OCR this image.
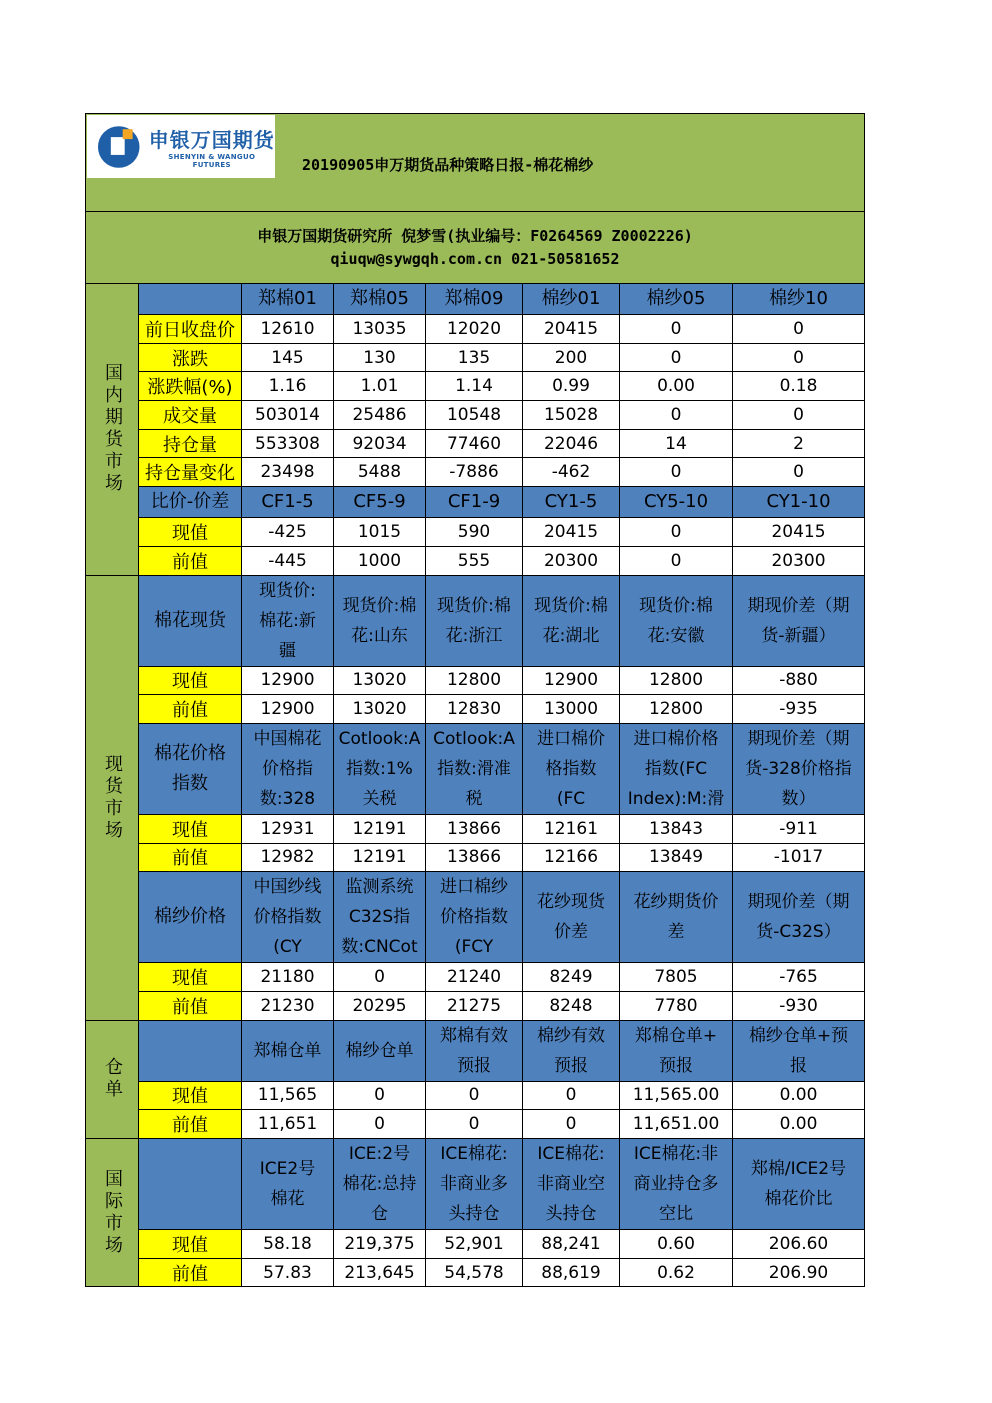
申银万国期货
SHENYIN & WANGUO FUTURES 20190905申万期货品种策略日报-棉花棉纱							

申银万国期货研究所 倪梦雪(执业编号：F0264569 Z0002226)
qiuqw@sywgqh.com.cn 021-50581652							

国内期货市场		郑棉01	郑棉05	郑棉09	棉纱01	棉纱05	棉纱10
	前日收盘价	12610	13035	12020	20415	0	0
	涨跌	145	130	135	200	0	0
	涨跌幅(%)	1.16	1.01	1.14	0.99	0.00	0.18
	成交量	503014	25486	10548	15028	0	0
	持仓量	553308	92034	77460	22046	14	2
	持仓量变化	23498	5488	-7886	-462	0	0
	比价-价差	CF1-5	CF5-9	CF1-9	CY1-5	CY5-10	CY1-10
	现值	-425	1015	590	20415	0	20415
	前值	-445	1000	555	20300	0	20300
现货市场	棉花现货	现货价:
棉花:新
疆	现货价:棉
花:山东	现货价:棉
花:浙江	现货价:棉
花:湖北	现货价:棉
花:安徽	期现价差（期
货-新疆）
	现值	12900	13020	12800	12900	12800	-880
	前值	12900	13020	12830	13000	12800	-935
	棉花价格
指数	中国棉花
价格指
数:328	Cotlook:A
指数:1%
关税	Cotlook:A
指数:滑准
税	进口棉价
格指数
(FC	进口棉价格
指数(FC
Index):M:滑	期现价差（期
货-328价格指
数）
	现值	12931	12191	13866	12161	13843	-911
	前值	12982	12191	13866	12166	13849	-1017
	棉纱价格	中国纱线
价格指数
(CY	监测系统
C32S指
数:CNCot	进口棉纱
价格指数
(FCY	花纱现货
价差	花纱期货价
差	期现价差（期
货-C32S）
	现值	21180	0	21240	8249	7805	-765
	前值	21230	20295	21275	8248	7780	-930
仓单		郑棉仓单	棉纱仓单	郑棉有效
预报	棉纱有效
预报	郑棉仓单+
预报	棉纱仓单+预
报
	现值	11,565	0	0	0	11,565.00	0.00
	前值	11,651	0	0	0	11,651.00	0.00
国际市场		ICE2号
棉花	ICE:2号
棉花:总持
仓	ICE棉花:
非商业多
头持仓	ICE棉花:
非商业空
头持仓	ICE棉花:非
商业持仓多
空比	郑棉/ICE2号
棉花价比
	现值	58.18	219,375	52,901	88,241	0.60	206.60
	前值	57.83	213,645	54,578	88,619	0.62	206.90
